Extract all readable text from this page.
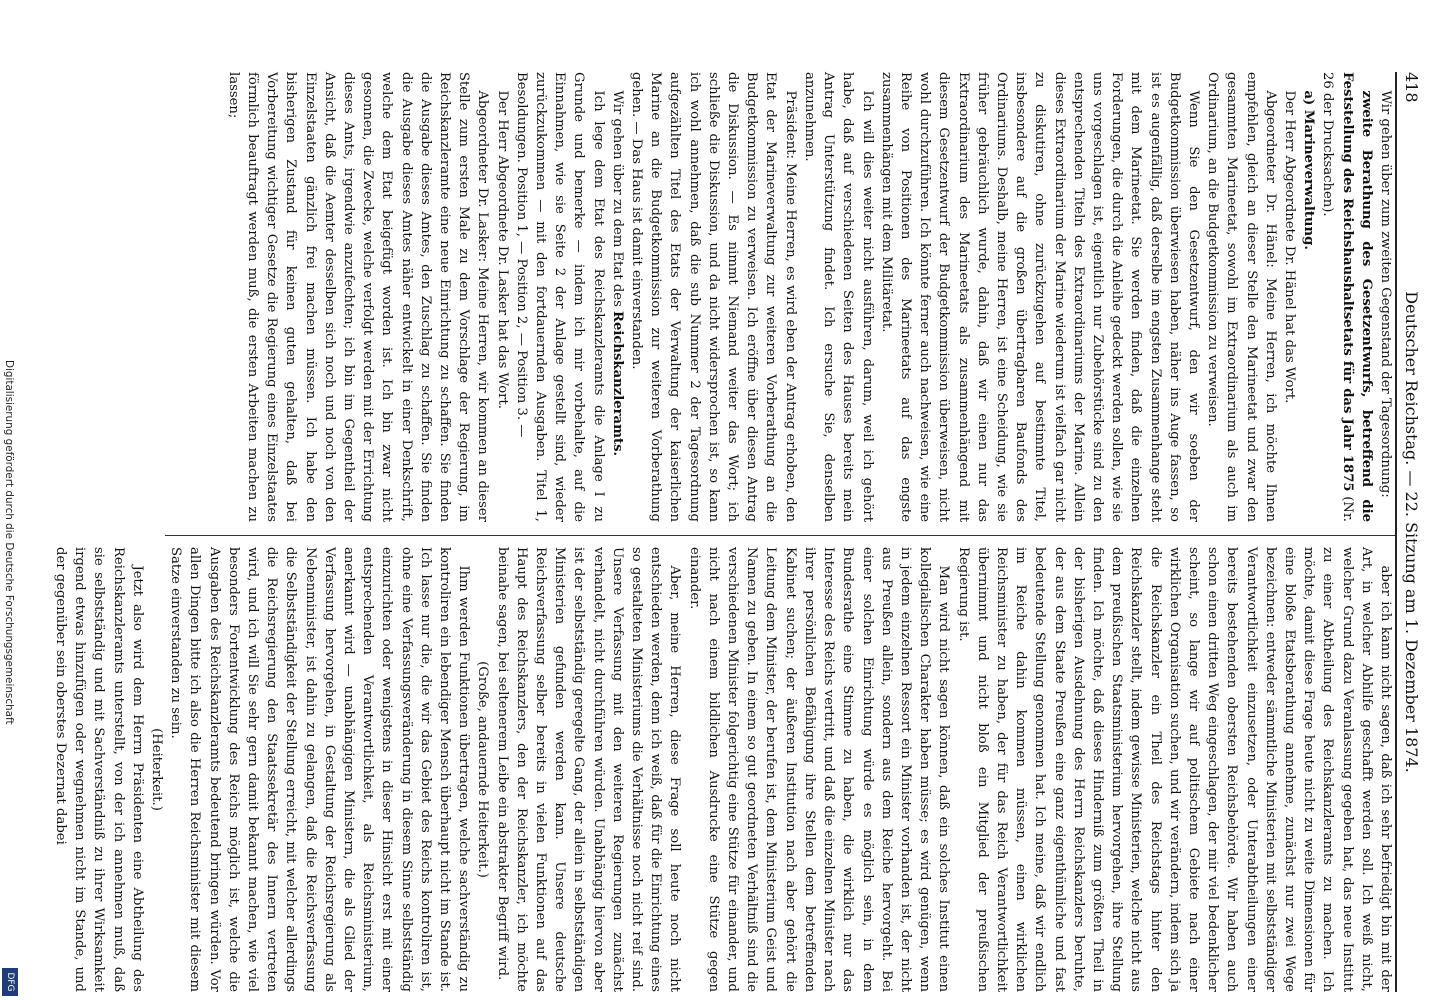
418
Deutscher Reichstag. — 22. Sitzung am 1. Dezember 1874.

Wir gehen über zum zweiten Gegenstand der Tagesordnung:

zweite Berathung des Gesetzentwurfs, betreffend die Feststellung des Reichshaushaltsetats für das Jahr 1875 (Nr. 26 der Drucksachen).

a) Marineverwaltung.

Der Herr Abgeordnete Dr. Hänel hat das Wort.

Abgeordneter Dr. Hänel: Meine Herren, ich möchte Ihnen empfehlen, gleich an dieser Stelle den Marineetat und zwar den gesammten Marineetat, sowohl im Extraordinarium als auch im Ordinarium, an die Budgetkommission zu verweisen.

Wenn Sie den Gesetzentwurf, den wir soeben der Budgetkommission überwiesen haben, näher ins Auge fassen, so ist es augenfällig, daß derselbe im engsten Zusammenhange steht mit dem Marineetat. Sie werden finden, daß die einzelnen Forderungen, die durch die Anleihe gedeckt werden sollen, wie sie uns vorgeschlagen ist, eigentlich nur Zubehörstücke sind zu den entsprechenden Titeln des Extraordinariums der Marine. Allein dieses Extraordinarium der Marine wiederum ist vielfach gar nicht zu diskutiren, ohne zurückzugehen auf bestimmte Titel, insbesondere auf die großen übertragbaren Baufonds des Ordinariums. Deshalb, meine Herren, ist eine Scheidung, wie sie früher gebräuchlich wurde, dahin, daß wir einen nur das Extraordinarium des Marineetats als zusammenhängend mit diesem Gesetzentwurf der Budgetkommission überweisen, nicht wohl durchzuführen. Ich könnte ferner auch nachweisen, wie eine Reihe von Positionen des Marineetats auf das engste zusammenhängen mit dem Militäretat.

Ich will dies weiter nicht ausführen, darum, weil ich gehört habe, daß auf verschiedenen Seiten des Hauses bereits mein Antrag Unterstützung findet. Ich ersuche Sie, denselben anzunehmen.

Präsident: Meine Herren, es wird eben der Antrag erhoben, den Etat der Marineverwaltung zur weiteren Vorberathung an die Budgetkommission zu verweisen. Ich eröffne über diesen Antrag die Diskussion. — Es nimmt Niemand weiter das Wort; ich schließe die Diskussion, und da nicht widersprochen ist, so kann ich wohl annehmen, daß die sub Nummer 2 der Tagesordnung aufgezählten Titel des Etats der Verwaltung der kaiserlichen Marine an die Budgetkommission zur weiteren Vorberathung gehen. — Das Haus ist damit einverstanden.

Wir gehen über zu dem Etat des Reichskanzleramts.

Ich lege dem Etat des Reichskanzleramts die Anlage I zu Grunde und bemerke — indem ich mir vorbehalte, auf die Einnahmen, wie sie Seite 2 der Anlage gestellt sind, wieder zurückzukommen — mit den fortdauernden Ausgaben. Titel 1, Besoldungen. Position 1, — Position 2, — Position 3. —

Der Herr Abgeordnete Dr. Lasker hat das Wort.

Abgeordneter Dr. Lasker: Meine Herren, wir kommen an dieser Stelle zum ersten Male zu dem Vorschlage der Regierung, im Reichskanzleramte eine neue Einrichtung zu schaffen. Sie finden die Ausgabe dieses Amtes, den Zuschlag zu schaffen. Sie finden die Ausgabe dieses Amtes näher entwickelt in einer Denkschrift, welche dem Etat beigefügt worden ist. Ich bin zwar nicht gesonnen, die Zwecke, welche verfolgt werden mit der Errichtung dieses Amts, irgendwie anzufechten; ich bin im Gegentheil der Ansicht, daß die Aemter desselben sich noch und noch von den Einzelstaaten gänzlich frei machen müssen. Ich habe den bisherigen Zustand für keinen guten gehalten, daß bei Vorbereitung wichtiger Gesetze die Regierung eines Einzelstaates förmlich beauftragt werden muß, die ersten Arbeiten machen zu lassen;

aber ich kann nicht sagen, daß ich sehr befriedigt bin mit der Art, in welcher Abhilfe geschafft werden soll. Ich weiß nicht, welcher Grund dazu Veranlassung gegeben hat, das neue Institut zu einer Abtheilung des Reichskanzleramts zu machen. Ich möchte, damit diese Frage heute nicht zu weite Dimensionen für eine bloße Etatsberathung annehme, zunächst nur zwei Wege bezeichnen: entweder sämmtliche Ministerien mit selbstständiger Verantwortlichkeit einzusetzen, oder Unterabtheilungen einer bereits bestehenden obersten Reichsbehörde. Wir haben auch schon einen dritten Weg eingeschlagen, der mir viel bedenklicher scheint, so lange wir auf politischem Gebiete nach einer wirklichen Organisation suchen, und wir verändern, indem sich ja die Reichskanzler ein Theil des Reichstags hinter den Reichskanzler stellt, indem gewisse Ministerien, welche nicht aus dem preußischen Staatsministerium hervorgehen, ihre Stellung finden. Ich möchte, daß dieses Hinderniß zum größten Theil in der bisherigen Ausdehnung des Herrn Reichskanzlers beruhte, der aus dem Staate Preußen eine ganz eigenthümliche und fast bedeutende Stellung genommen hat. Ich meine, daß wir endlich im Reiche dahin kommen müssen, einen wirklichen Reichsminister zu haben, der für das Reich Verantwortlichkeit übernimmt und nicht bloß ein Mitglied der preußischen Regierung ist.

Man wird nicht sagen können, daß ein solches Institut einen kollegialischen Charakter haben müsse; es wird genügen, wenn in jedem einzelnen Ressort ein Minister vorhanden ist, der nicht aus Preußen allein, sondern aus dem Reiche hervorgeht. Bei einer solchen Einrichtung würde es möglich sein, in dem Bundesrathe eine Stimme zu haben, die wirklich nur das Interesse des Reichs vertritt, und daß die einzelnen Minister nach ihrer persönlichen Befähigung ihre Stellen dem betreffenden Kabinet suchen; der äußeren Institution nach aber gehört die Leitung dem Minister, der berufen ist, dem Ministerium Geist und Namen zu geben. In einem so gut geordneten Verhältniß sind die verschiedenen Minister folgerichtig eine Stütze für einander, und nicht nach einem bildlichen Ausdrucke eine Stütze gegen einander.

Aber, meine Herren, diese Frage soll heute noch nicht entschieden werden, denn ich weiß, daß für die Einrichtung eines so gestalteten Ministeriums die Verhältnisse noch nicht reif sind. Unsere Verfassung mit den weiteren Regierungen zunächst verhandelt, nicht durchführen würden. Unabhängig hiervon aber ist der selbstständig geregelte Gang, der allein in selbstständigen Ministerien gefunden werden kann. Unsere deutsche Reichsverfassung selber bereits in vielen Funktionen auf das Haupt des Reichskanzlers, den der Reichskanzler, ich möchte beinahe sagen, bei seltenerem Leibe ein abstrakter Begriff wird.

(Große, andauernde Heiterkeit.)

Ihm werden Funktionen übertragen, welche sachverständig zu kontroliren ein lebendiger Mensch überhaupt nicht im Stande ist. Ich lasse nur die, die wir das Gebiet des Reichs kontroliren ist, ohne eine Verfassungsveränderung in diesem Sinne selbstständig einzurichten oder wenigstens in dieser Hinsicht erst mit einer entsprechenden Verantwortlichkeit, als Reichsministerium, anerkannt wird — unabhängigen Ministern, die als Glied der Verfassung hervorgehen, in Gestaltung der Reichsregierung als Nebenminister, ist dahin zu gelangen, daß die Reichsverfassung die Selbstständigkeit der Stellung erreicht, mit welcher allerdings die Reichsregierung den Staatssekretär des Innern vertreten wird, und ich will Sie sehr gern damit bekannt machen, wie viel besonders Fortentwicklung des Reichs möglich ist, welche die Ausgaben des Reichskanzleramts bedeutend bringen würden. Vor allen Dingen bitte ich also die Herren Reichsminister mit diesem Satze einverstanden zu sein.

(Heiterkeit.)

Jetzt also wird dem Herrn Präsidenten eine Abtheilung des Reichskanzleramts unterstellt, von der ich annehmen muß, daß sie selbstständig und mit Sachverständniß zu ihrer Wirksamkeit irgend etwas hinzufügen oder wegnehmen nicht im Stande, und der gegenüber sein oberstes Dezernat dabei

Digitalisierung gefördert durch die Deutsche Forschungsgemeinschaft
DFG
